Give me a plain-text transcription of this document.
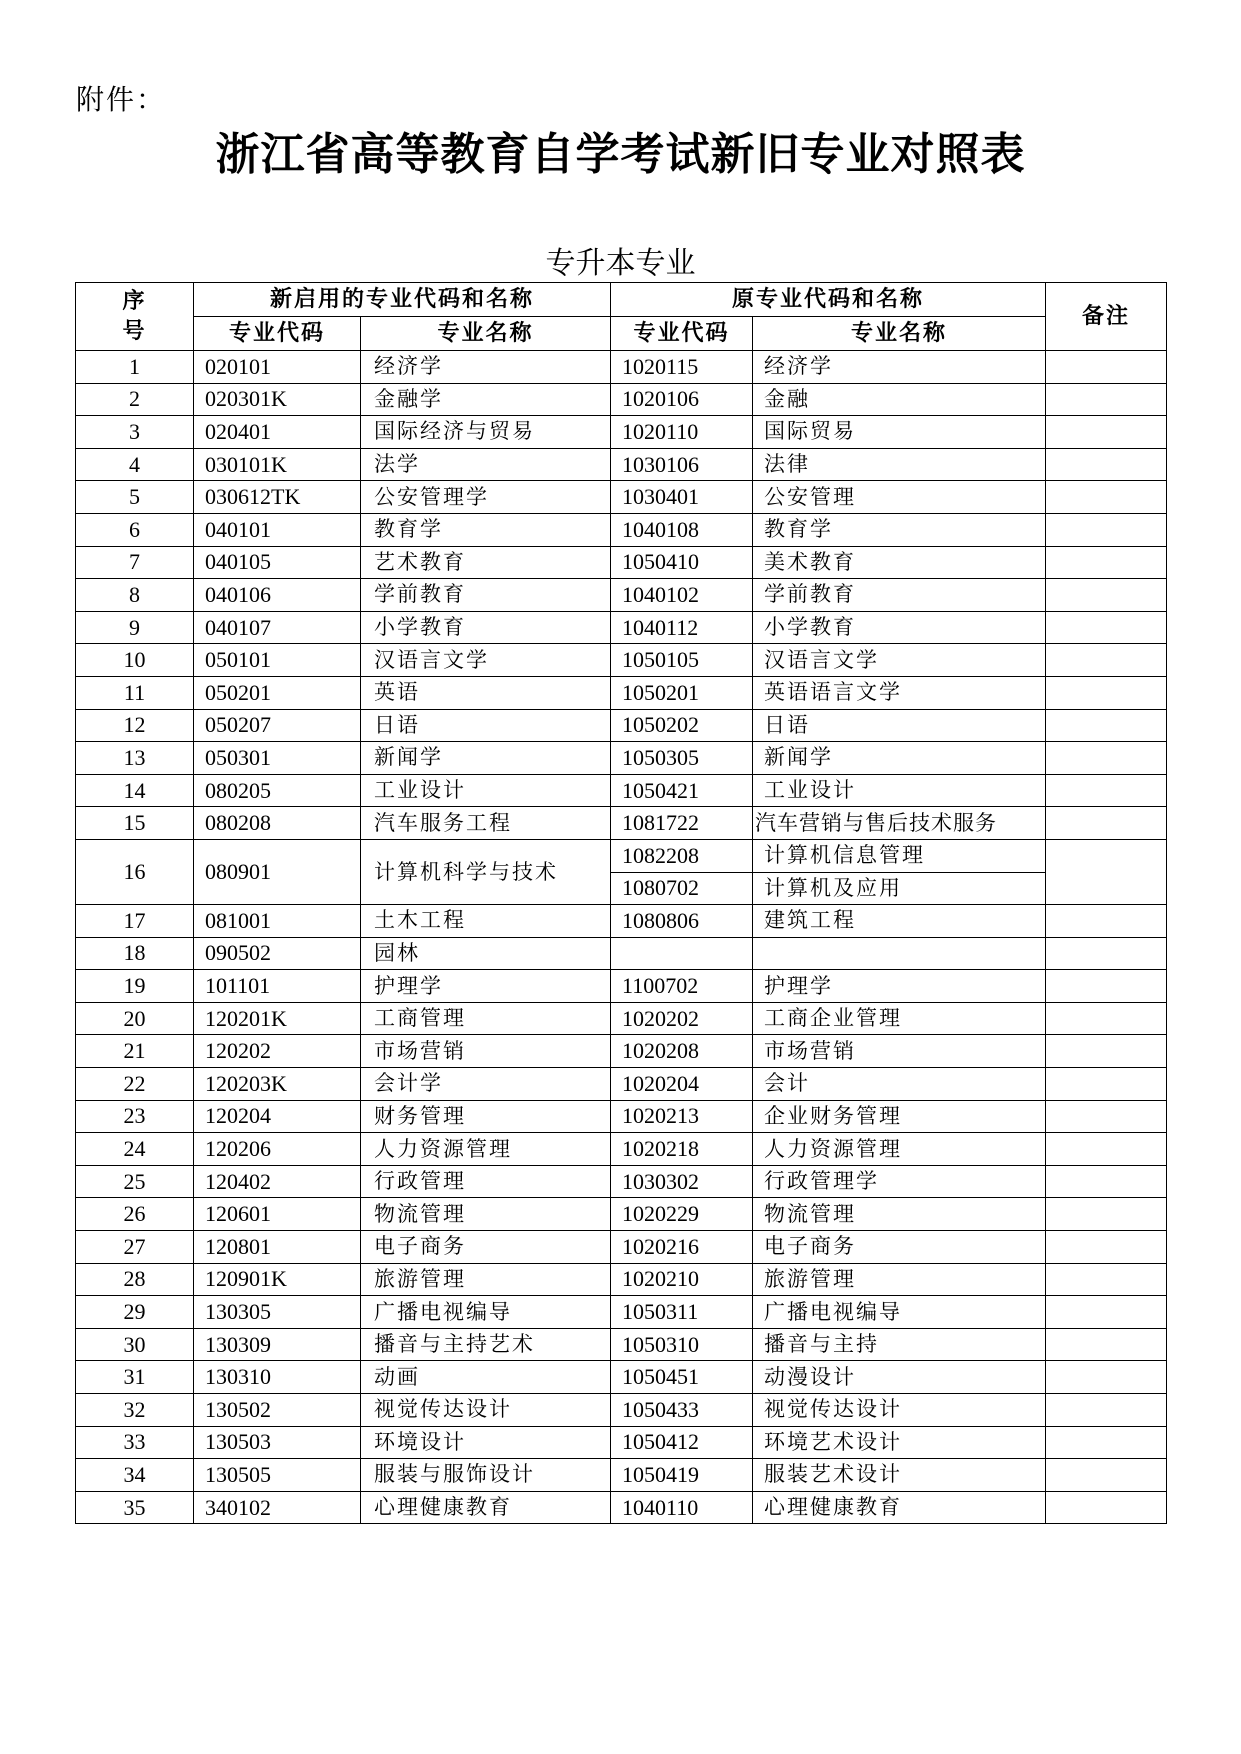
附件：
浙江省高等教育自学考试新旧专业对照表
专升本专业
序
号	新启用的专业代码和名称		原专业代码和名称		备注
	专业代码	专业名称	专业代码	专业名称	
1	020101	经济学	1020115	经济学	
2	020301K	金融学	1020106	金融	
3	020401	国际经济与贸易	1020110	国际贸易	
4	030101K	法学	1030106	法律	
5	030612TK	公安管理学	1030401	公安管理	
6	040101	教育学	1040108	教育学	
7	040105	艺术教育	1050410	美术教育	
8	040106	学前教育	1040102	学前教育	
9	040107	小学教育	1040112	小学教育	
10	050101	汉语言文学	1050105	汉语言文学	
11	050201	英语	1050201	英语语言文学	
12	050207	日语	1050202	日语	
13	050301	新闻学	1050305	新闻学	
14	080205	工业设计	1050421	工业设计	
15	080208	汽车服务工程	1081722	汽车营销与售后技术服务	
16	080901	计算机科学与技术	1082208	计算机信息管理	
			1080702	计算机及应用	
17	081001	土木工程	1080806	建筑工程	
18	090502	园林			
19	101101	护理学	1100702	护理学	
20	120201K	工商管理	1020202	工商企业管理	
21	120202	市场营销	1020208	市场营销	
22	120203K	会计学	1020204	会计	
23	120204	财务管理	1020213	企业财务管理	
24	120206	人力资源管理	1020218	人力资源管理	
25	120402	行政管理	1030302	行政管理学	
26	120601	物流管理	1020229	物流管理	
27	120801	电子商务	1020216	电子商务	
28	120901K	旅游管理	1020210	旅游管理	
29	130305	广播电视编导	1050311	广播电视编导	
30	130309	播音与主持艺术	1050310	播音与主持	
31	130310	动画	1050451	动漫设计	
32	130502	视觉传达设计	1050433	视觉传达设计	
33	130503	环境设计	1050412	环境艺术设计	
34	130505	服装与服饰设计	1050419	服装艺术设计	
35	340102	心理健康教育	1040110	心理健康教育	
